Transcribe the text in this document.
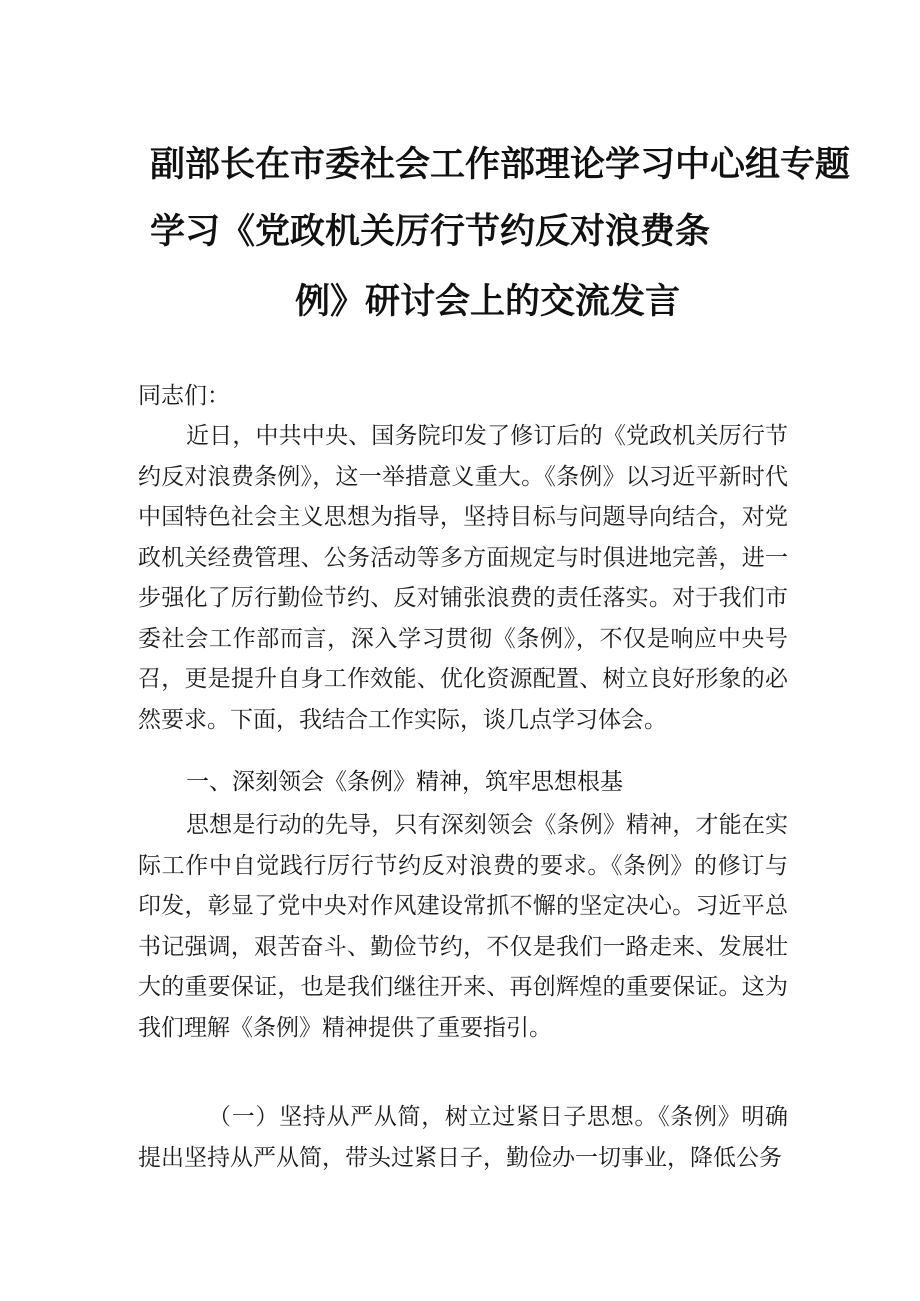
副部长在市委社会工作部理论学习中心组专题
学习《党政机关厉行节约反对浪费条
例》研讨会上的交流发言
同志们：
近日，中共中央、国务院印发了修订后的《党政机关厉行节约反对浪费条例》，这一举措意义重大。《条例》以习近平新时代中国特色社会主义思想为指导，坚持目标与问题导向结合，对党政机关经费管理、公务活动等多方面规定与时俱进地完善，进一步强化了厉行勤俭节约、反对铺张浪费的责任落实。对于我们市委社会工作部而言，深入学习贯彻《条例》，不仅是响应中央号召，更是提升自身工作效能、优化资源配置、树立良好形象的必然要求。下面，我结合工作实际，谈几点学习体会。
一、深刻领会《条例》精神，筑牢思想根基
思想是行动的先导，只有深刻领会《条例》精神，才能在实际工作中自觉践行厉行节约反对浪费的要求。《条例》的修订与印发，彰显了党中央对作风建设常抓不懈的坚定决心。习近平总书记强调，艰苦奋斗、勤俭节约，不仅是我们一路走来、发展壮大的重要保证，也是我们继往开来、再创辉煌的重要保证。这为我们理解《条例》精神提供了重要指引。
（一）坚持从严从简，树立过紧日子思想。《条例》明确提出坚持从严从简，带头过紧日子，勤俭办一切事业，降低公务
